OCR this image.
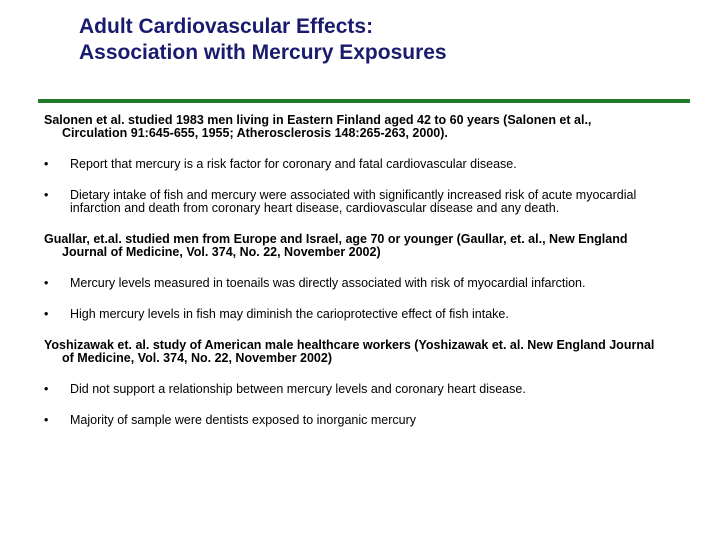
Adult Cardiovascular Effects:
Association with Mercury Exposures

Salonen et al. studied 1983 men living in Eastern Finland aged 42 to 60 years (Salonen et al., Circulation 91:645-655, 1955; Atherosclerosis 148:265-263, 2000).

• Report that mercury is a risk factor for coronary and fatal cardiovascular disease.

• Dietary intake of fish and mercury were associated with significantly increased risk of acute myocardial infarction and death from coronary heart disease, cardiovascular disease and any death.

Guallar, et.al. studied men from Europe and Israel, age 70 or younger (Gaullar, et. al., New England Journal of Medicine, Vol. 374, No. 22, November 2002)

• Mercury levels measured in toenails was directly associated with risk of myocardial infarction.

• High mercury levels in fish may diminish the carioprotective effect of fish intake.

Yoshizawak et. al. study of American male healthcare workers (Yoshizawak et. al. New England Journal of Medicine, Vol. 374, No. 22, November 2002)

• Did not support a relationship between mercury levels and coronary heart disease.

• Majority of sample were dentists exposed to inorganic mercury
